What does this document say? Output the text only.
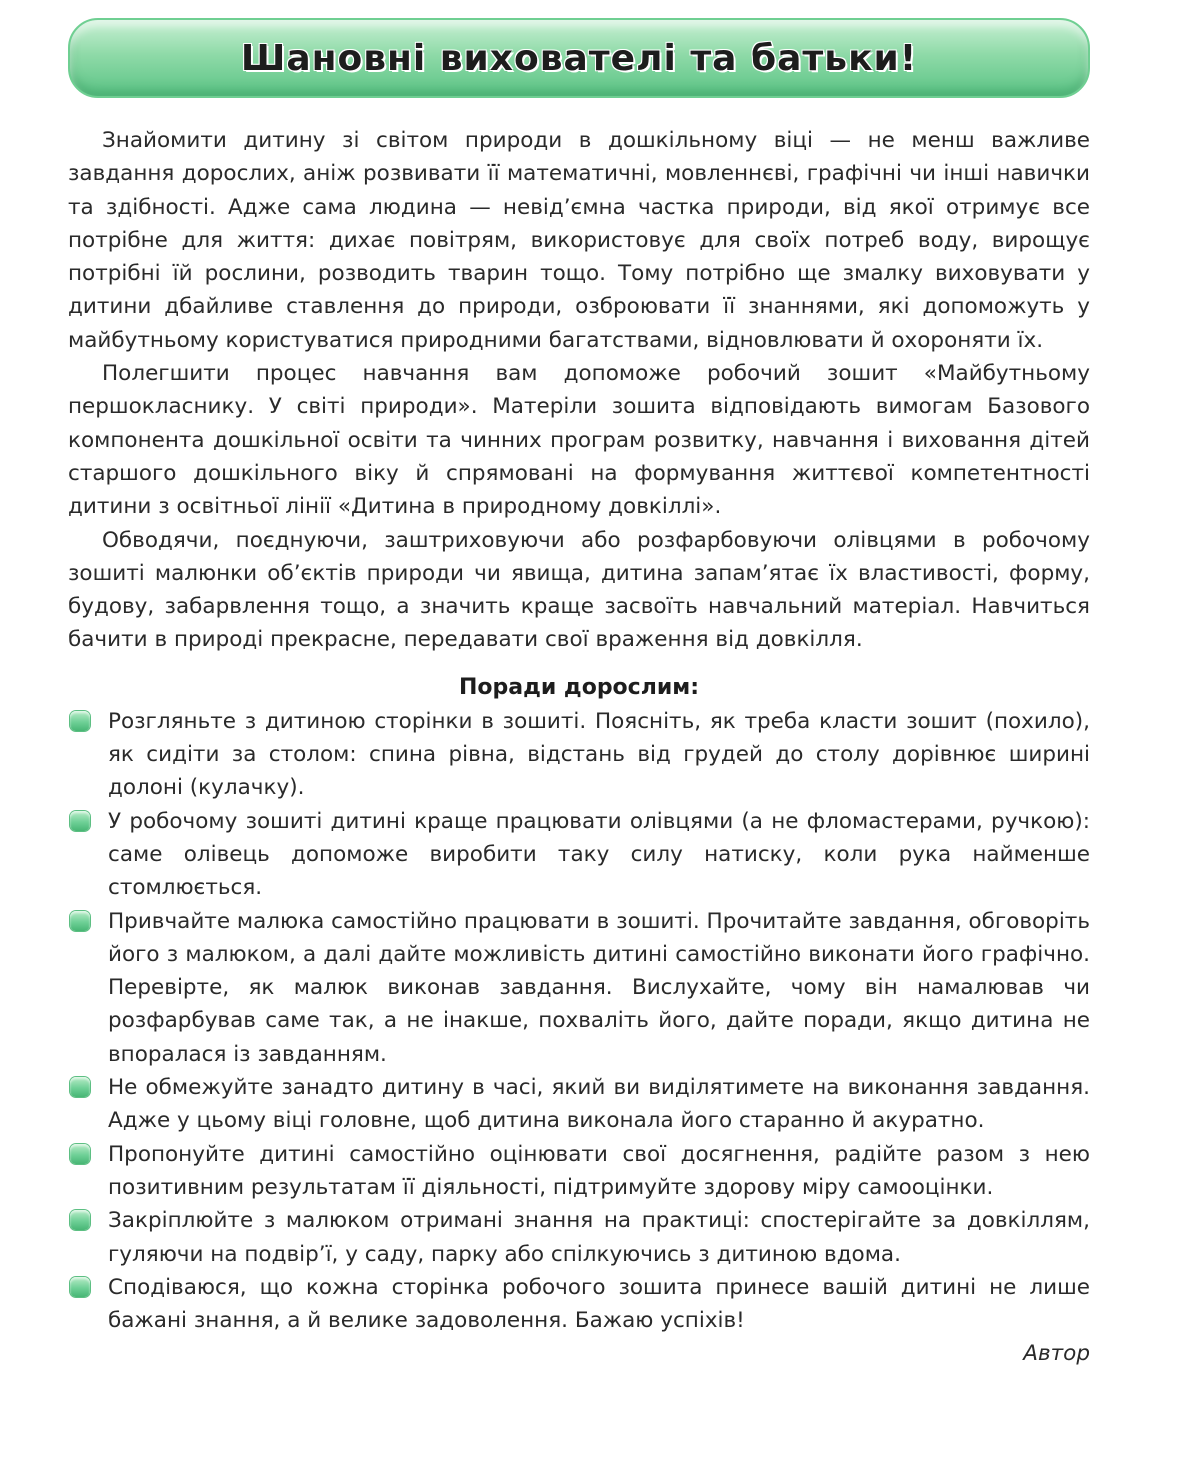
Шановні вихователі та батьки!

Знайомити дитину зі світом природи в дошкільному віці — не менш важливе завдання дорослих, аніж розвивати її математичні, мовленнєві, графічні чи інші навички та здібності. Адже сама людина — невід’ємна частка природи, від якої отримує все потрібне для життя: дихає повітрям, використовує для своїх потреб воду, вирощує потрібні їй рослини, розводить тварин тощо. Тому потрібно ще змалку виховувати у дитини дбайливе ставлення до природи, озброювати її знаннями, які допоможуть у майбутньому користуватися природними багатствами, відновлювати й охороняти їх.

Полегшити процес навчання вам допоможе робочий зошит «Майбутньому першокласнику. У світі природи». Матеріли зошита відповідають вимогам Базового компонента дошкільної освіти та чинних програм розвитку, навчання і виховання дітей старшого дошкільного віку й спрямовані на формування життєвої компетентності дитини з освітньої лінії «Дитина в природному довкіллі».

Обводячи, поєднуючи, заштриховуючи або розфарбовуючи олівцями в робочому зошиті малюнки об’єктів природи чи явища, дитина запам’ятає їх властивості, форму, будову, забарвлення тощо, а значить краще засвоїть навчальний матеріал. Навчиться бачити в природі прекрасне, передавати свої враження від довкілля.

Поради дорослим:
Розгляньте з дитиною сторінки в зошиті. Поясніть, як треба класти зошит (похило), як сидіти за столом: спина рівна, відстань від грудей до столу дорівнює ширині долоні (кулачку).
У робочому зошиті дитині краще працювати олівцями (а не фломастерами, ручкою): саме олівець допоможе виробити таку силу натиску, коли рука найменше стомлюється.
Привчайте малюка самостійно працювати в зошиті. Прочитайте завдання, обговоріть його з малюком, а далі дайте можливість дитині самостійно виконати його графічно. Перевірте, як малюк виконав завдання. Вислухайте, чому він намалював чи розфарбував саме так, а не інакше, похваліть його, дайте поради, якщо дитина не впоралася із завданням.
Не обмежуйте занадто дитину в часі, який ви виділятимете на виконання завдання. Адже у цьому віці головне, щоб дитина виконала його старанно й акуратно.
Пропонуйте дитині самостійно оцінювати свої досягнення, радійте разом з нею позитивним результатам її діяльності, підтримуйте здорову міру самооцінки.
Закріплюйте з малюком отримані знання на практиці: спостерігайте за довкіллям, гуляючи на подвір’ї, у саду, парку або спілкуючись з дитиною вдома.
Сподіваюся, що кожна сторінка робочого зошита принесе вашій дитині не лише бажані знання, а й велике задоволення. Бажаю успіхів!
Автор
